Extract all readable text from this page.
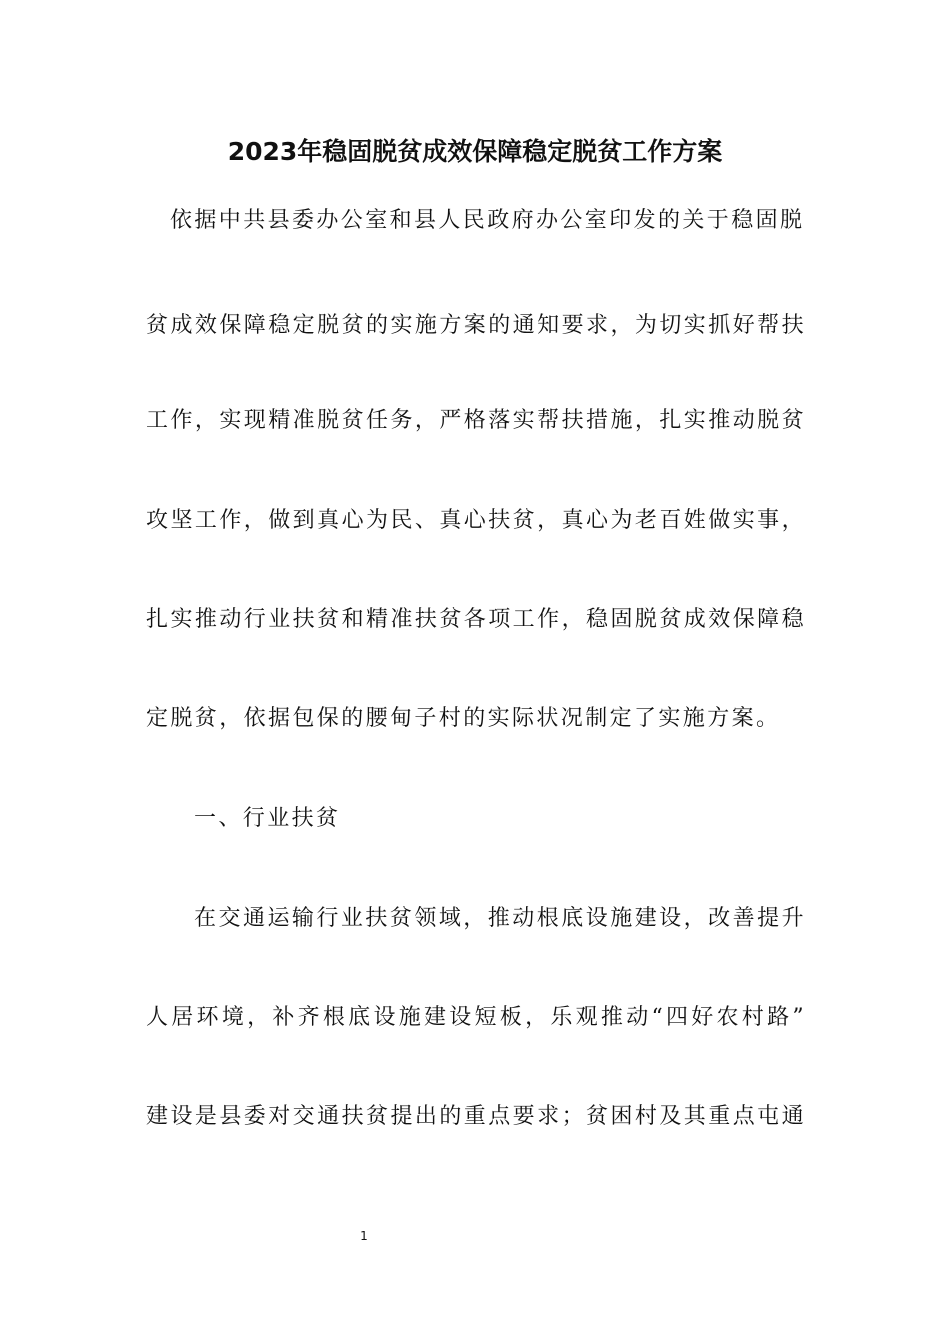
2023年稳固脱贫成效保障稳定脱贫工作方案
依据中共县委办公室和县人民政府办公室印发的关于稳固脱
贫成效保障稳定脱贫的实施方案的通知要求，为切实抓好帮扶
工作，实现精准脱贫任务，严格落实帮扶措施，扎实推动脱贫
攻坚工作，做到真心为民、真心扶贫，真心为老百姓做实事，
扎实推动行业扶贫和精准扶贫各项工作，稳固脱贫成效保障稳
定脱贫，依据包保的腰甸子村的实际状况制定了实施方案。
一、行业扶贫
在交通运输行业扶贫领域，推动根底设施建设，改善提升
人居环境，补齐根底设施建设短板，乐观推动“四好农村路”
建设是县委对交通扶贫提出的重点要求；贫困村及其重点屯通
1
